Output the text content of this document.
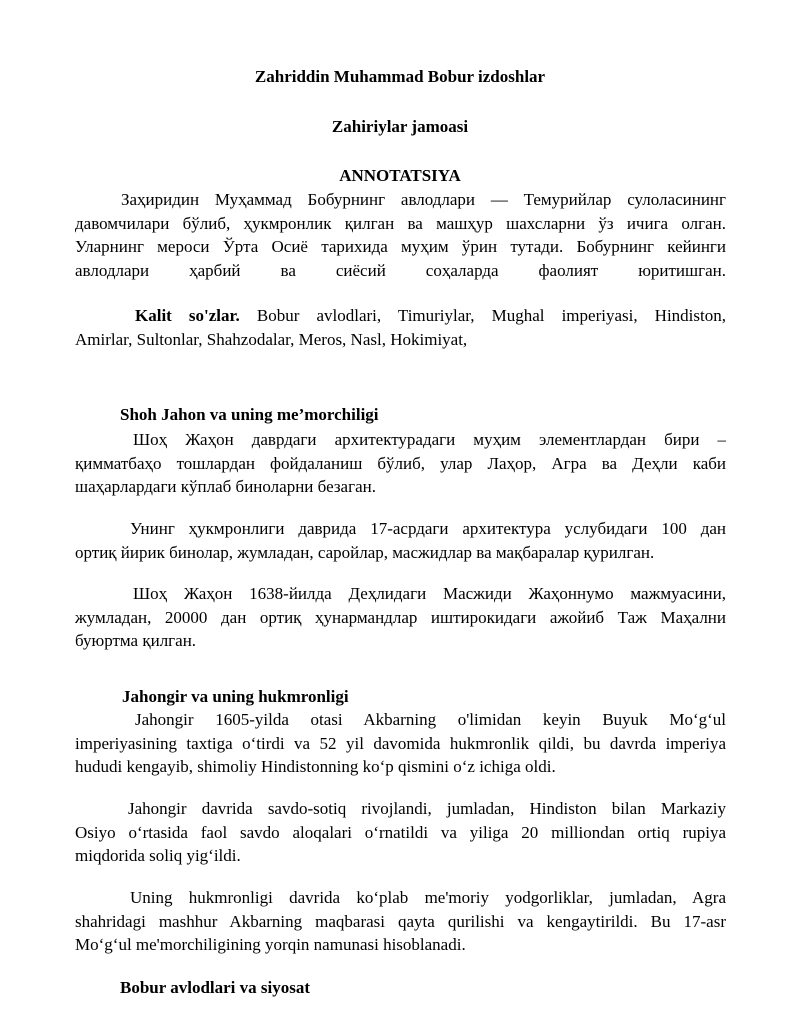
Zahriddin Muhammad Bobur izdoshlar
Zahiriylar jamoasi
ANNOTATSIYA
Заҳиридин Муҳаммад Бобурнинг авлодлари — Темурийлар сулоласининг
давомчилари бўлиб, ҳукмронлик қилган ва машҳур шахсларни ўз ичига олган.
Уларнинг мероси Ўрта Осиё тарихида муҳим ўрин тутади. Бобурнинг кейинги
авлодлари ҳарбий ва сиёсий соҳаларда фаолият юритишган.
Kalit so'zlar. Bobur avlodlari, Timuriylar, Mughal imperiyasi, Hindiston,
Amirlar, Sultonlar, Shahzodalar, Meros, Nasl, Hokimiyat,
Shoh Jahon va uning me’morchiligi
Шоҳ Жаҳон даврдаги архитектурадаги муҳим элементлардан бири –
қимматбаҳо тошлардан фойдаланиш бўлиб, улар Лаҳор, Агра ва Деҳли каби
шаҳарлардаги кўплаб биноларни безаган.
Унинг ҳукмронлиги даврида 17-асрдаги архитектура услубидаги 100 дан
ортиқ йирик бинолар, жумладан, саройлар, масжидлар ва мақбаралар қурилган.
Шоҳ Жаҳон 1638-йилда Деҳлидаги Масжиди Жаҳоннумо мажмуасини,
жумладан, 20000 дан ортиқ ҳунармандлар иштирокидаги ажойиб Таж Маҳални
буюртма қилган.
Jahongir va uning hukmronligi
Jahongir 1605-yilda otasi Akbarning o'limidan keyin Buyuk Mo‘g‘ul
imperiyasining taxtiga o‘tirdi va 52 yil davomida hukmronlik qildi, bu davrda imperiya
hududi kengayib, shimoliy Hindistonning ko‘p qismini o‘z ichiga oldi.
Jahongir davrida savdo-sotiq rivojlandi, jumladan, Hindiston bilan Markaziy
Osiyo o‘rtasida faol savdo aloqalari o‘rnatildi va yiliga 20 milliondan ortiq rupiya
miqdorida soliq yig‘ildi.
Uning hukmronligi davrida ko‘plab me'moriy yodgorliklar, jumladan, Agra
shahridagi mashhur Akbarning maqbarasi qayta qurilishi va kengaytirildi. Bu 17-asr
Mo‘g‘ul me'morchiligining yorqin namunasi hisoblanadi.
Bobur avlodlari va siyosat
